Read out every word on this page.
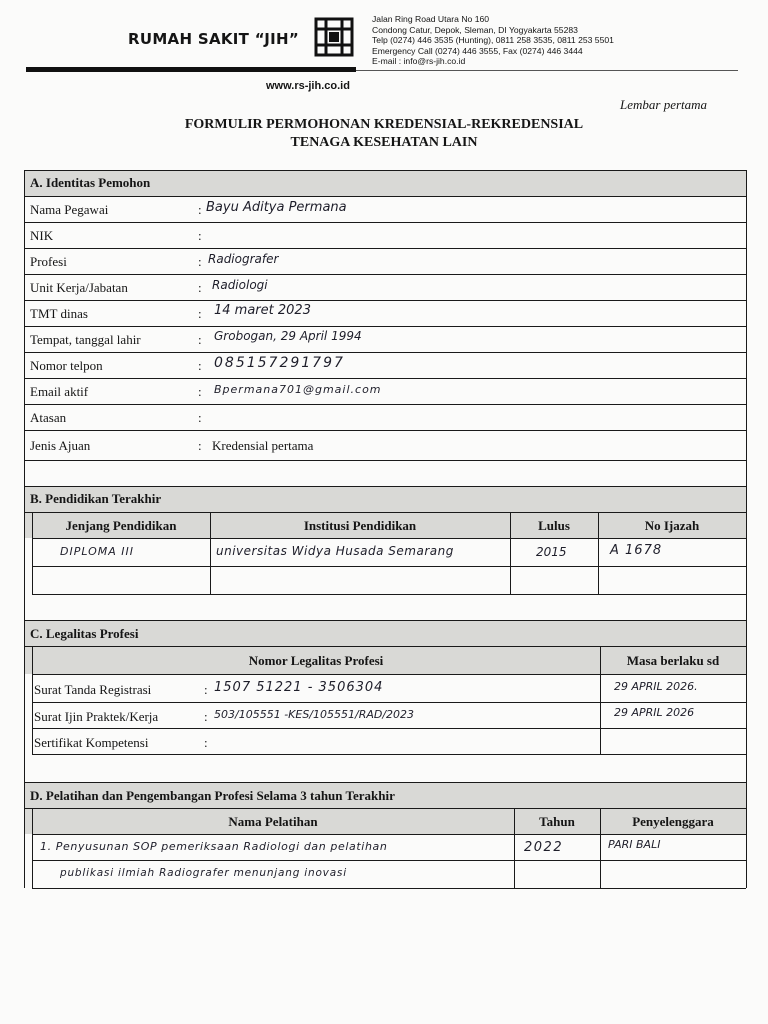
RUMAH SAKIT “JIH”
Jalan Ring Road Utara No 160
Condong Catur, Depok, Sleman, DI Yogyakarta 55283
Telp (0274) 446 3535 (Hunting), 0811 258 3535, 0811 253 5501
Emergency Call (0274) 446 3555, Fax (0274) 446 3444
E-mail : info@rs-jih.co.id
www.rs-jih.co.id
Lembar pertama
FORMULIR PERMOHONAN KREDENSIAL-REKREDENSIAL
TENAGA KESEHATAN LAIN
A. Identitas Pemohon
Nama Pegawai	: Bayu Aditya Permana
NIK	:
Profesi	: Radiografer
Unit Kerja/Jabatan	: Radiologi
TMT dinas	: 14 maret 2023
Tempat, tanggal lahir	: Grobogan, 29 April 1994
Nomor telpon	: 085157291797
Email aktif	: Bpermana701@gmail.com
Atasan	:
Jenis Ajuan	: Kredensial pertama
B. Pendidikan Terakhir
Jenjang Pendidikan	Institusi Pendidikan	Lulus	No Ijazah
DIPLOMA III	universitas Widya Husada Semarang	2015	A 1678
C. Legalitas Profesi
Nomor Legalitas Profesi	Masa berlaku sd
Surat Tanda Registrasi	: 1507 51221 - 3506304	29 APRIL 2026.
Surat Ijin Praktek/Kerja	: 503/105551 -KES/105551/RAD/2023	29 APRIL 2026
Sertifikat Kompetensi	:
D. Pelatihan dan Pengembangan Profesi Selama 3 tahun Terakhir
Nama Pelatihan	Tahun	Penyelenggara
1. Penyusunan SOP pemeriksaan Radiologi dan pelatihan	2022	PARI BALI
publikasi ilmiah Radiografer menunjang inovasi
